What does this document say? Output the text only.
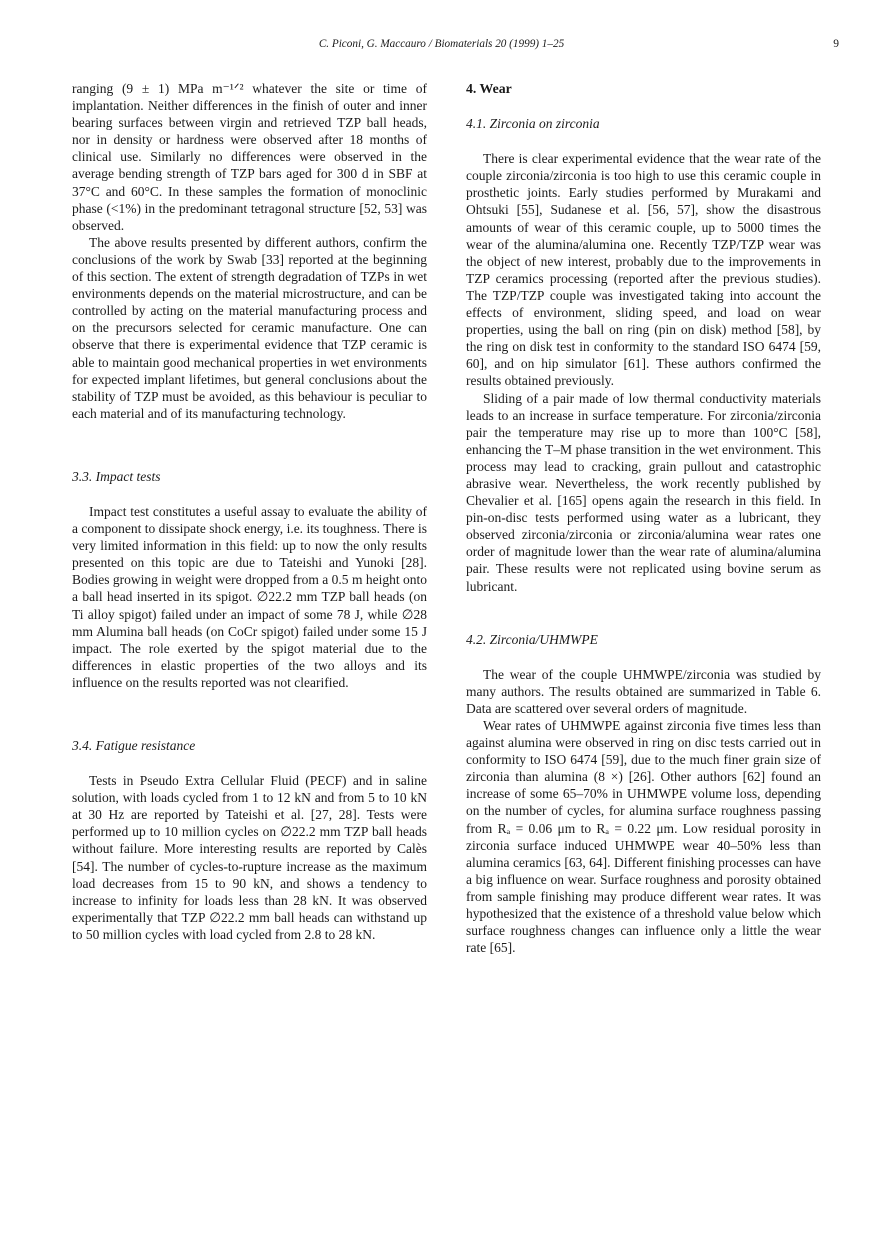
C. Piconi, G. Maccauro / Biomaterials 20 (1999) 1–25	9

ranging (9 ± 1) MPa m⁻¹ᐟ² whatever the site or time of implantation. Neither differences in the finish of outer and inner bearing surfaces between virgin and retrieved TZP ball heads, nor in density or hardness were observed after 18 months of clinical use. Similarly no differences were observed in the average bending strength of TZP bars aged for 300 d in SBF at 37°C and 60°C. In these samples the formation of monoclinic phase (<1%) in the predominant tetragonal structure [52, 53] was observed.

The above results presented by different authors, confirm the conclusions of the work by Swab [33] reported at the beginning of this section. The extent of strength degradation of TZPs in wet environments depends on the material microstructure, and can be controlled by acting on the material manufacturing process and on the precursors selected for ceramic manufacture. One can observe that there is experimental evidence that TZP ceramic is able to maintain good mechanical properties in wet environments for expected implant lifetimes, but general conclusions about the stability of TZP must be avoided, as this behaviour is peculiar to each material and of its manufacturing technology.

3.3. Impact tests

Impact test constitutes a useful assay to evaluate the ability of a component to dissipate shock energy, i.e. its toughness. There is very limited information in this field: up to now the only results presented on this topic are due to Tateishi and Yunoki [28]. Bodies growing in weight were dropped from a 0.5 m height onto a ball head inserted in its spigot. ∅22.2 mm TZP ball heads (on Ti alloy spigot) failed under an impact of some 78 J, while ∅28 mm Alumina ball heads (on CoCr spigot) failed under some 15 J impact. The role exerted by the spigot material due to the differences in elastic properties of the two alloys and its influence on the results reported was not clearified.

3.4. Fatigue resistance

Tests in Pseudo Extra Cellular Fluid (PECF) and in saline solution, with loads cycled from 1 to 12 kN and from 5 to 10 kN at 30 Hz are reported by Tateishi et al. [27, 28]. Tests were performed up to 10 million cycles on ∅22.2 mm TZP ball heads without failure. More interesting results are reported by Calès [54]. The number of cycles-to-rupture increase as the maximum load decreases from 15 to 90 kN, and shows a tendency to increase to infinity for loads less than 28 kN. It was observed experimentally that TZP ∅22.2 mm ball heads can withstand up to 50 million cycles with load cycled from 2.8 to 28 kN.

4. Wear
4.1. Zirconia on zirconia

There is clear experimental evidence that the wear rate of the couple zirconia/zirconia is too high to use this ceramic couple in prosthetic joints. Early studies performed by Murakami and Ohtsuki [55], Sudanese et al. [56, 57], show the disastrous amounts of wear of this ceramic couple, up to 5000 times the wear of the alumina/alumina one. Recently TZP/TZP wear was the object of new interest, probably due to the improvements in TZP ceramics processing (reported after the previous studies). The TZP/TZP couple was investigated taking into account the effects of environment, sliding speed, and load on wear properties, using the ball on ring (pin on disk) method [58], by the ring on disk test in conformity to the standard ISO 6474 [59, 60], and on hip simulator [61]. These authors confirmed the results obtained previously.

Sliding of a pair made of low thermal conductivity materials leads to an increase in surface temperature. For zirconia/zirconia pair the temperature may rise up to more than 100°C [58], enhancing the T–M phase transition in the wet environment. This process may lead to cracking, grain pullout and catastrophic abrasive wear. Nevertheless, the work recently published by Chevalier et al. [165] opens again the research in this field. In pin-on-disc tests performed using water as a lubricant, they observed zirconia/zirconia or zirconia/alumina wear rates one order of magnitude lower than the wear rate of alumina/alumina pair. These results were not replicated using bovine serum as lubricant.

4.2. Zirconia/UHMWPE

The wear of the couple UHMWPE/zirconia was studied by many authors. The results obtained are summarized in Table 6. Data are scattered over several orders of magnitude.

Wear rates of UHMWPE against zirconia five times less than against alumina were observed in ring on disc tests carried out in conformity to ISO 6474 [59], due to the much finer grain size of zirconia than alumina (8 ×) [26]. Other authors [62] found an increase of some 65–70% in UHMWPE volume loss, depending on the number of cycles, for alumina surface roughness passing from Rₐ = 0.06 μm to Rₐ = 0.22 μm. Low residual porosity in zirconia surface induced UHMWPE wear 40–50% less than alumina ceramics [63, 64]. Different finishing processes can have a big influence on wear. Surface roughness and porosity obtained from sample finishing may produce different wear rates. It was hypothesized that the existence of a threshold value below which surface roughness changes can influence only a little the wear rate [65].
